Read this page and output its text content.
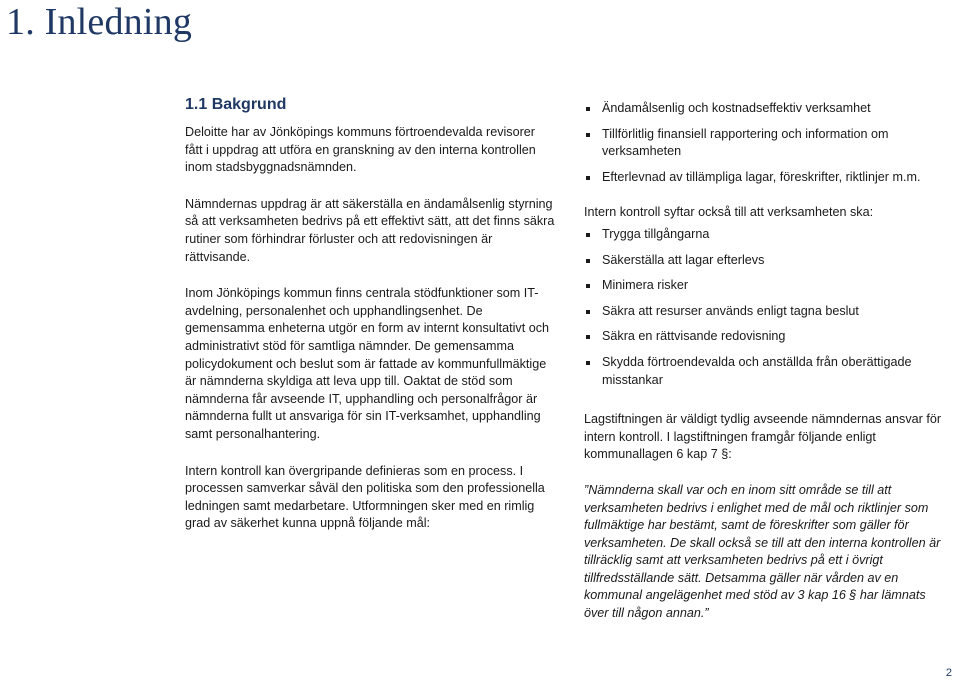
1. Inledning
1.1 Bakgrund

Deloitte har av Jönköpings kommuns förtroendevalda revisorer fått i uppdrag att utföra en granskning av den interna kontrollen inom stadsbyggnadsnämnden.

Nämndernas uppdrag är att säkerställa en ändamålsenlig styrning så att verksamheten bedrivs på ett effektivt sätt, att det finns säkra rutiner som förhindrar förluster och att redovisningen är rättvisande.

Inom Jönköpings kommun finns centrala stödfunktioner som IT-avdelning, personalenhet och upphandlingsenhet. De gemensamma enheterna utgör en form av internt konsultativt och administrativt stöd för samtliga nämnder. De gemensamma policydokument och beslut som är fattade av kommunfullmäktige är nämnderna skyldiga att leva upp till. Oaktat de stöd som nämnderna får avseende IT, upphandling och personalfrågor är nämnderna fullt ut ansvariga för sin IT-verksamhet, upphandling samt personalhantering.

Intern kontroll kan övergripande definieras som en process. I processen samverkar såväl den politiska som den professionella ledningen samt medarbetare. Utformningen sker med en rimlig grad av säkerhet kunna uppnå följande mål:

Ändamålsenlig och kostnadseffektiv verksamhet
Tillförlitlig finansiell rapportering och information om verksamheten
Efterlevnad av tillämpliga lagar, föreskrifter, riktlinjer m.m.

Intern kontroll syftar också till att verksamheten ska:

Trygga tillgångarna
Säkerställa att lagar efterlevs
Minimera risker
Säkra att resurser används enligt tagna beslut
Säkra en rättvisande redovisning
Skydda förtroendevalda och anställda från oberättigade misstankar

Lagstiftningen är väldigt tydlig avseende nämndernas ansvar för intern kontroll. I lagstiftningen framgår följande enligt kommunallagen 6 kap 7 §:

”Nämnderna skall var och en inom sitt område se till att verksamheten bedrivs i enlighet med de mål och riktlinjer som fullmäktige har bestämt, samt de föreskrifter som gäller för verksamheten. De skall också se till att den interna kontrollen är tillräcklig samt att verksamheten bedrivs på ett i övrigt tillfredsställande sätt. Detsamma gäller när vården av en kommunal angelägenhet med stöd av 3 kap 16 § har lämnats över till någon annan.”

2
